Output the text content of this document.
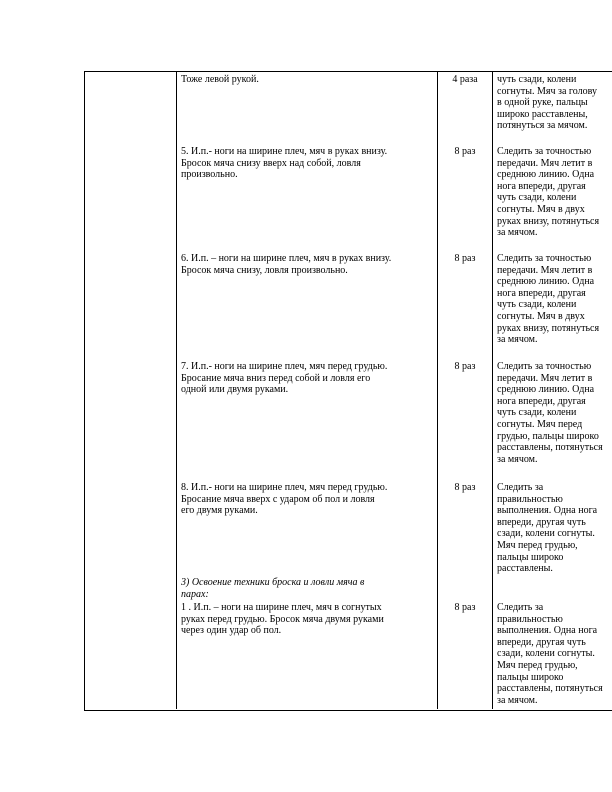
Тоже левой рукой.	4 раза	чуть сзади, колени
согнуты. Мяч за голову
в одной руке, пальцы
широко расставлены,
потянуться за мячом.
5. И.п.- ноги на ширине плеч, мяч в руках внизу.
Бросок мяча снизу вверх над собой, ловля
произвольно.
8 раз	Следить за точностью
передачи. Мяч летит в
среднюю линию. Одна
нога впереди, другая
чуть сзади, колени
согнуты. Мяч в двух
руках внизу, потянуться
за мячом.
6. И.п. – ноги на ширине плеч, мяч в руках внизу.
Бросок мяча снизу, ловля произвольно.
8 раз	Следить за точностью
передачи. Мяч летит в
среднюю линию. Одна
нога впереди, другая
чуть сзади, колени
согнуты. Мяч в двух
руках внизу, потянуться
за мячом.
7. И.п.- ноги на ширине плеч, мяч перед грудью.
Бросание мяча вниз перед собой и ловля его
одной или двумя руками.
8 раз	Следить за точностью
передачи. Мяч летит в
среднюю линию. Одна
нога впереди, другая
чуть сзади, колени
согнуты. Мяч перед
грудью, пальцы широко
расставлены, потянуться
за мячом.
8. И.п.- ноги на ширине плеч, мяч перед грудью.
Бросание мяча вверх с ударом об пол и ловля
его двумя руками.
8 раз	Следить за
правильностью
выполнения. Одна нога
впереди, другая чуть
сзади, колени согнуты.
Мяч перед грудью,
пальцы широко
расставлены.
3) Освоение техники броска и ловли мяча в
парах:
1 . И.п. – ноги на ширине плеч, мяч в согнутых
руках перед грудью. Бросок мяча двумя руками
через один удар об пол.
8 раз	Следить за
правильностью
выполнения. Одна нога
впереди, другая чуть
сзади, колени согнуты.
Мяч перед грудью,
пальцы широко
расставлены, потянуться
за мячом.
